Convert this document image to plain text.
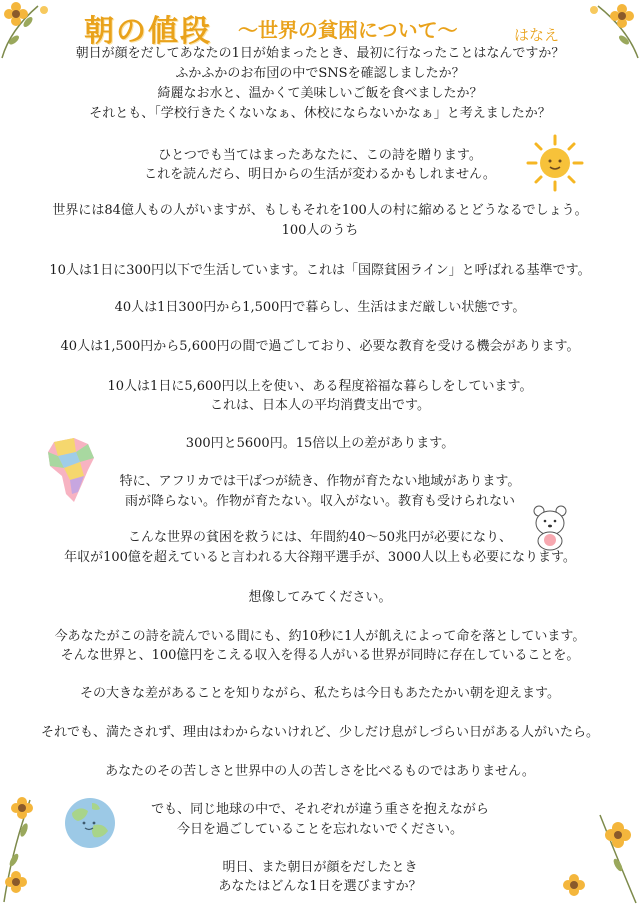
朝の値段 〜世界の貧困について〜	はなえ
朝日が顔をだしてあなたの1日が始まったとき、最初に行なったことはなんですか？
ふかふかのお布団の中でSNSを確認しましたか？
綺麗なお水と、温かくて美味しいご飯を食べましたか？
それとも、「学校行きたくないなぁ、休校にならないかなぁ」と考えましたか？
ひとつでも当てはまったあなたに、この詩を贈ります。
これを読んだら、明日からの生活が変わるかもしれません。
世界には84億人もの人がいますが、もしもそれを100人の村に縮めるとどうなるでしょう。
100人のうち
10人は1日に300円以下で生活しています。これは「国際貧困ライン」と呼ばれる基準です。
40人は1日300円から1,500円で暮らし、生活はまだ厳しい状態です。
40人は1,500円から5,600円の間で過ごしており、必要な教育を受ける機会があります。
10人は1日に5,600円以上を使い、ある程度裕福な暮らしをしています。
これは、日本人の平均消費支出です。
300円と5600円。15倍以上の差があります。
特に、アフリカでは干ばつが続き、作物が育たない地域があります。
雨が降らない。作物が育たない。収入がない。教育も受けられない
こんな世界の貧困を救うには、年間約40〜50兆円が必要になり、
年収が100億を超えていると言われる大谷翔平選手が、3000人以上も必要になります。
想像してみてください。
今あなたがこの詩を読んでいる間にも、約10秒に1人が飢えによって命を落としています。
そんな世界と、100億円をこえる収入を得る人がいる世界が同時に存在していることを。
その大きな差があることを知りながら、私たちは今日もあたたかい朝を迎えます。
それでも、満たされず、理由はわからないけれど、少しだけ息がしづらい日がある人がいたら。
あなたのその苦しさと世界中の人の苦しさを比べるものではありません。
でも、同じ地球の中で、それぞれが違う重さを抱えながら
今日を過ごしていることを忘れないでください。
明日、また朝日が顔をだしたとき
あなたはどんな1日を選びますか？
